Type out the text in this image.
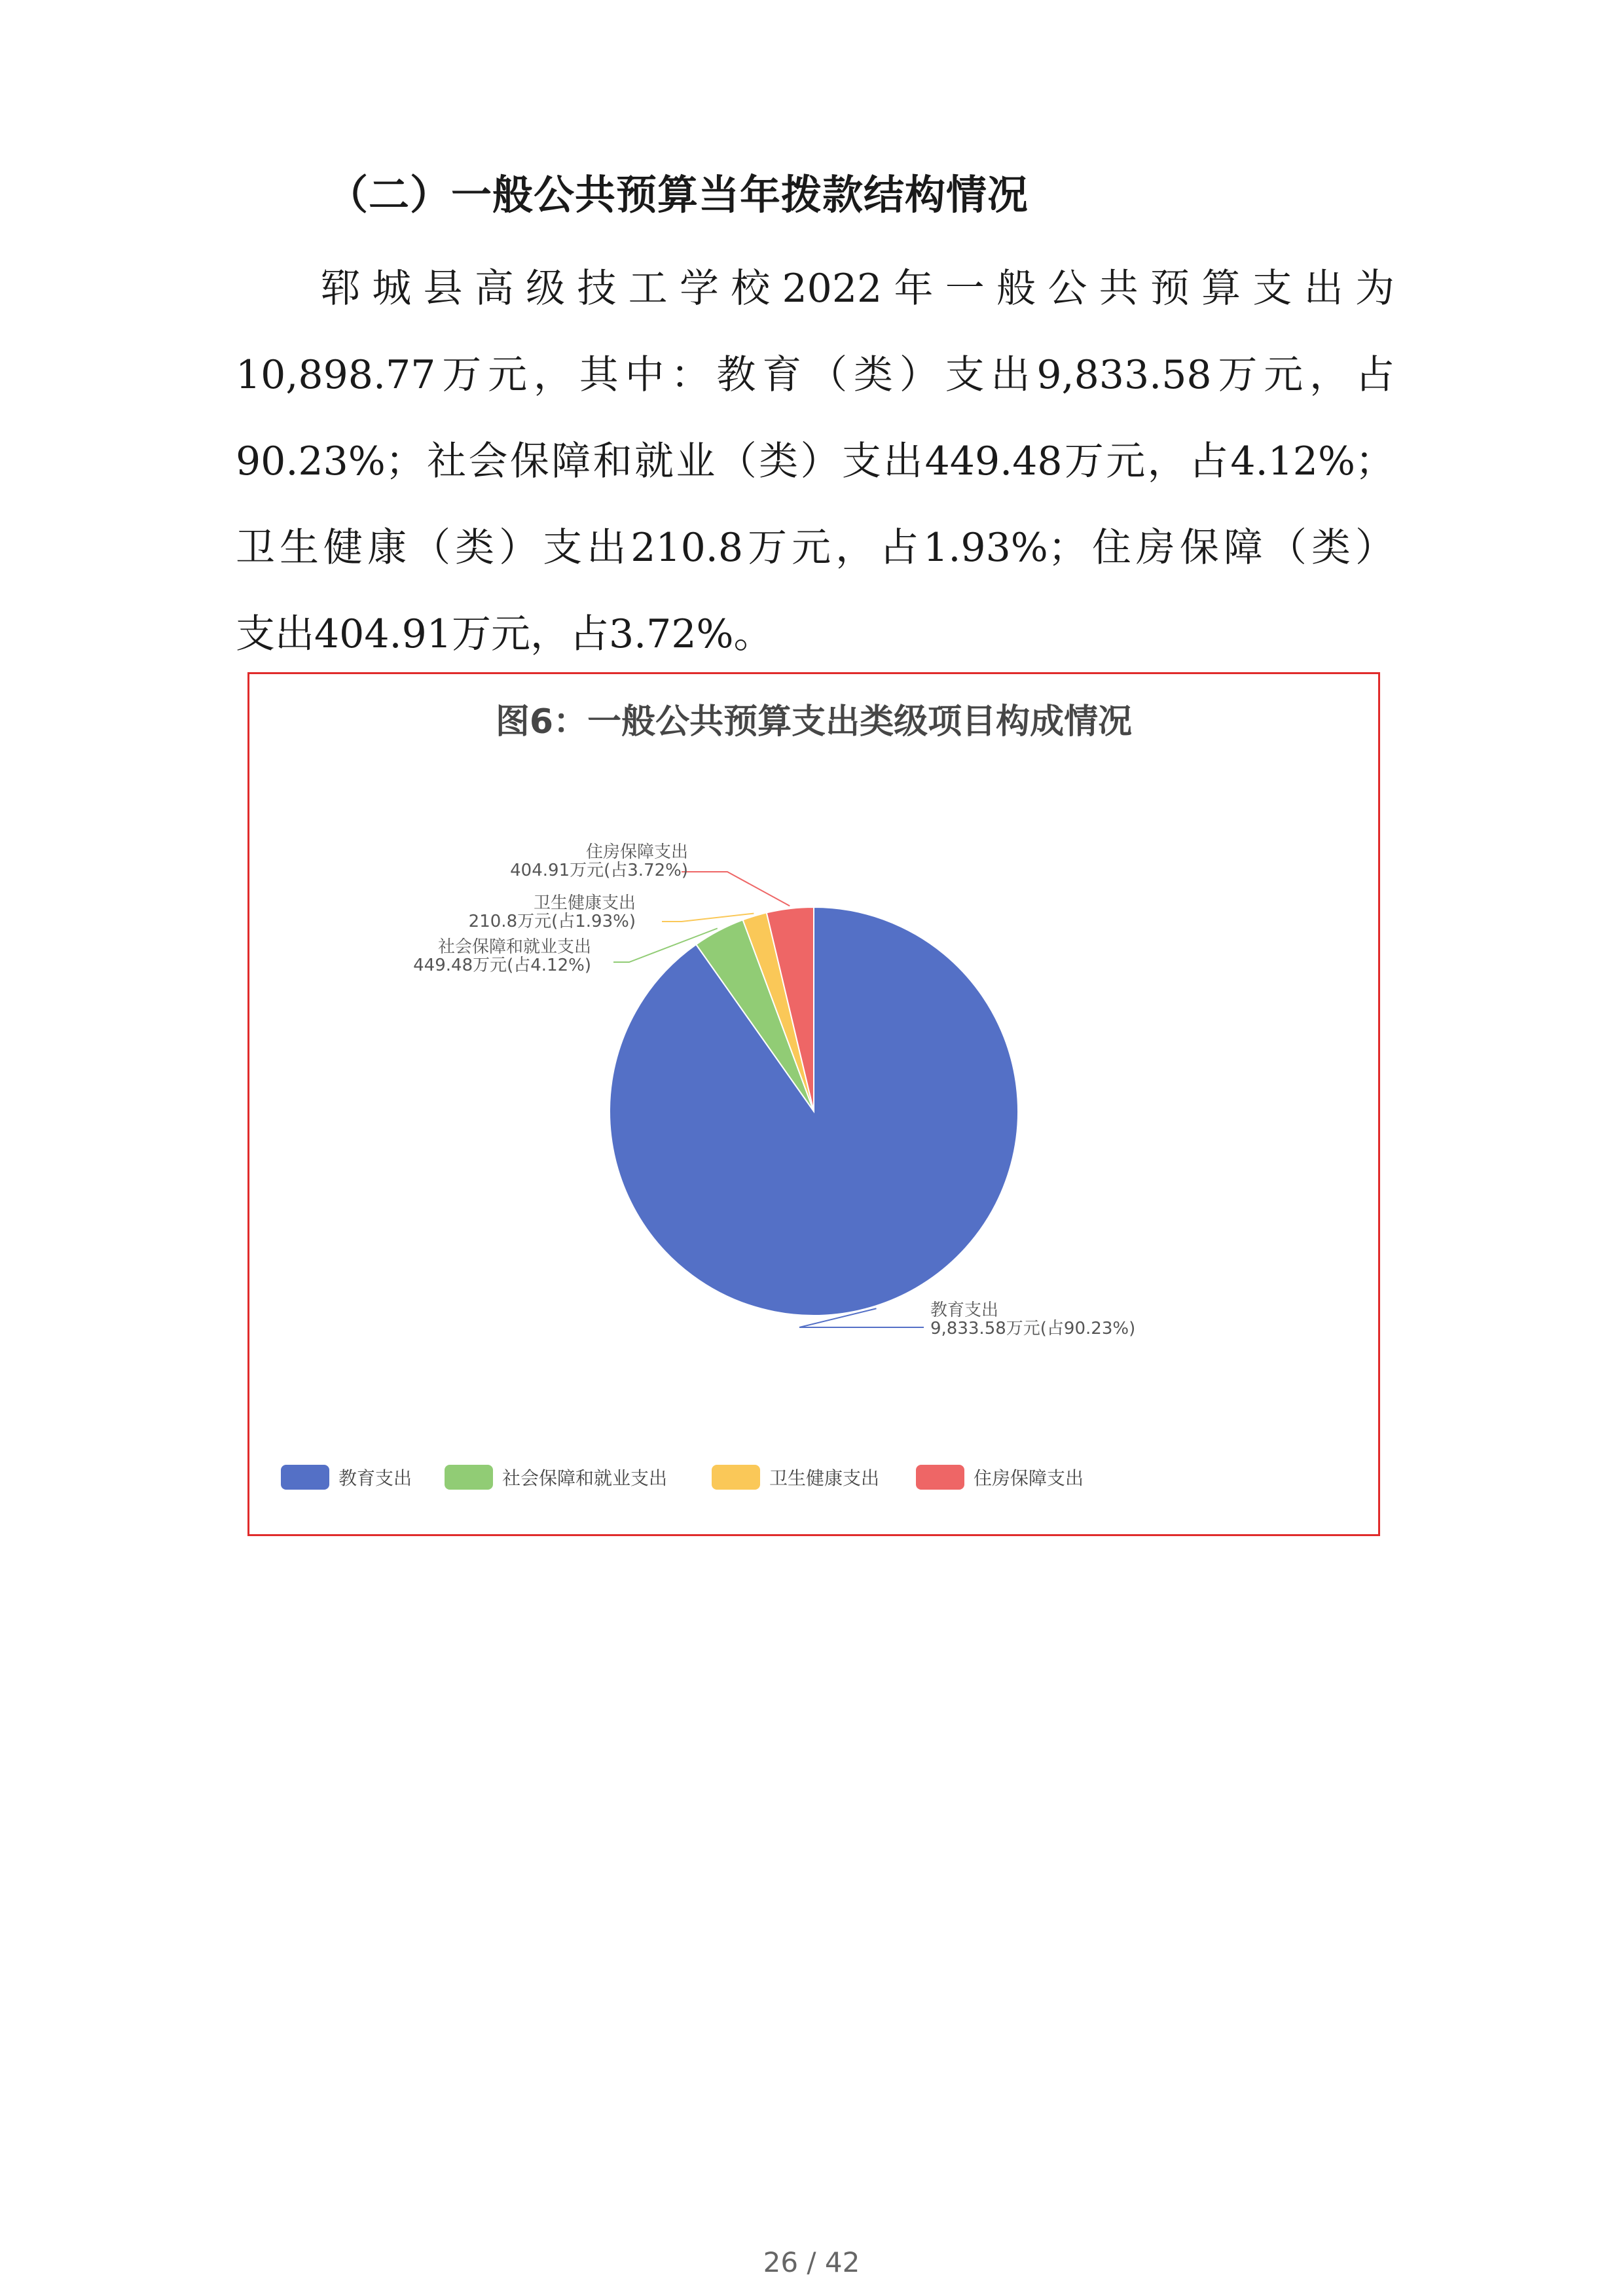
（二）一般公共预算当年拨款结构情况
郓城县高级技工学校2022年一般公共预算支出为
10,898.77万元，其中：教育（类）支出9,833.58万元，占
90.23%；社会保障和就业（类）支出449.48万元，占4.12%；
卫生健康（类）支出210.8万元，占1.93%；住房保障（类）
支出404.91万元，占3.72%。
图6：一般公共预算支出类级项目构成情况
教育支出
9,833.58万元(占90.23%)
社会保障和就业支出
449.48万元(占4.12%)
卫生健康支出
210.8万元(占1.93%)
住房保障支出
404.91万元(占3.72%)
教育支出	社会保障和就业支出	卫生健康支出	住房保障支出
26 / 42
